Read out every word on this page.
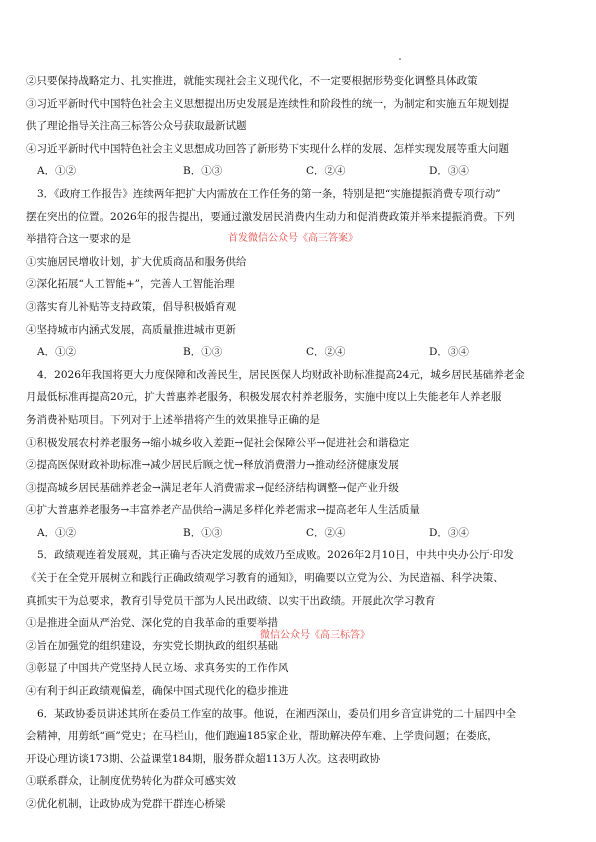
②只要保持战略定力、扎实推进，就能实现社会主义现代化，不一定要根据形势变化调整具体政策
③习近平新时代中国特色社会主义思想提出历史发展是连续性和阶段性的统一，为制定和实施五年规划提
供了理论指导关注高三标答公众号获取最新试题
④习近平新时代中国特色社会主义思想成功回答了新形势下实现什么样的发展、怎样实现发展等重大问题
A．①②	B．①③	C．②④	D．③④
3．《政府工作报告》连续两年把扩大内需放在工作任务的第一条，特别是把“实施提振消费专项行动”
摆在突出的位置。2026年的报告提出，要通过激发居民消费内生动力和促消费政策并举来提振消费。下列
举措符合这一要求的是
①实施居民增收计划，扩大优质商品和服务供给
②深化拓展“人工智能+”，完善人工智能治理
③落实育儿补贴等支持政策，倡导积极婚育观
④坚持城市内涵式发展，高质量推进城市更新
A．①②	B．①③	C．②④	D．③④
4．2026年我国将更大力度保障和改善民生，居民医保人均财政补助标准提高24元，城乡居民基础养老金
月最低标准再提高20元，扩大普惠养老服务，积极发展农村养老服务，实施中度以上失能老年人养老服
务消费补贴项目。下列对于上述举措将产生的效果推导正确的是
①积极发展农村养老服务→缩小城乡收入差距→促社会保障公平→促进社会和谐稳定
②提高医保财政补助标准→减少居民后顾之忧→释放消费潜力→推动经济健康发展
③提高城乡居民基础养老金→满足老年人消费需求→促经济结构调整→促产业升级
④扩大普惠养老服务→丰富养老产品供给→满足多样化养老需求→提高老年人生活质量
A．①②	B．①③	C．②④	D．③④
5．政绩观连着发展观，其正确与否决定发展的成效乃至成败。2026年2月10日，中共中央办公厅·印发
《关于在全党开展树立和践行正确政绩观学习教育的通知》，明确要以立党为公、为民造福、科学决策、
真抓实干为总要求，教育引导党员干部为人民出政绩、以实干出政绩。开展此次学习教育
①是推进全面从严治党、深化党的自我革命的重要举措
②旨在加强党的组织建设，夯实党长期执政的组织基础
③彰显了中国共产党坚持人民立场、求真务实的工作作风
④有利于纠正政绩观偏差，确保中国式现代化的稳步推进
6．某政协委员讲述其所在委员工作室的故事。他说，在湘西深山，委员们用乡音宣讲党的二十届四中全
会精神，用剪纸“画”党史；在马栏山，他们跑遍185家企业，帮助解决停车难、上学贵问题；在娄底，
开设心理访谈173期、公益课堂184期，服务群众超113万人次。这表明政协
①联系群众，让制度优势转化为群众可感实效
②优化机制，让政协成为党群干群连心桥梁
首发微信公众号《高三答案》
微信公众号《高三标答》
